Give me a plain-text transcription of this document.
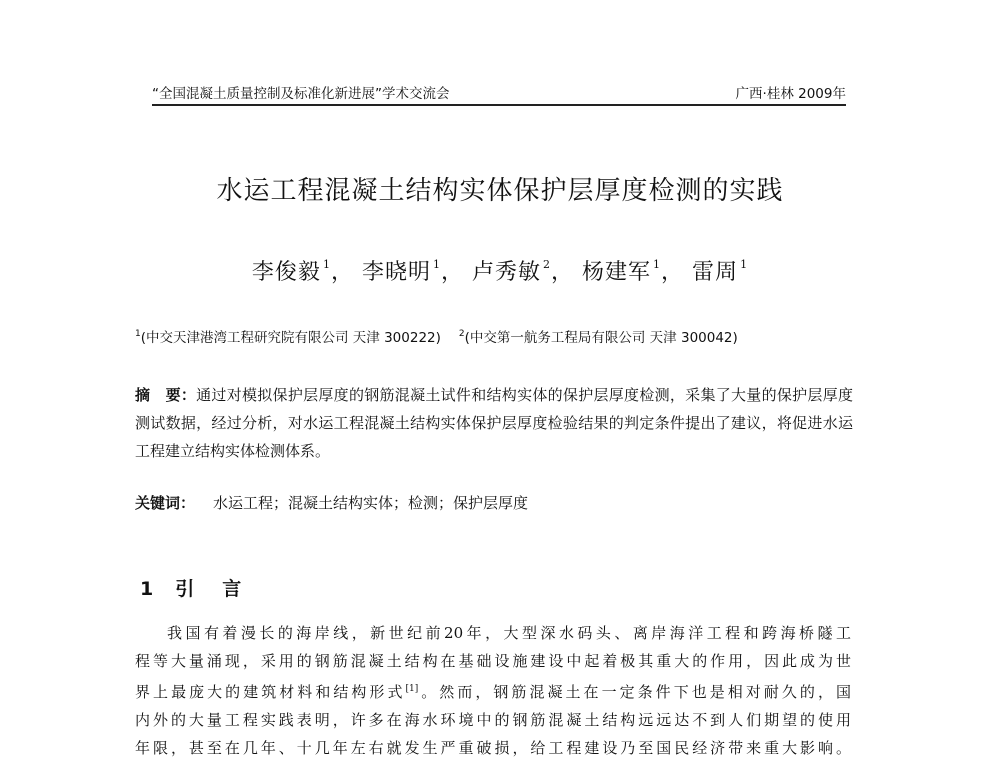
“全国混凝土质量控制及标准化新进展”学术交流会	广西·桂林 2009年
水运工程混凝土结构实体保护层厚度检测的实践
李俊毅 $^1$， 李晓明 $^1$， 卢秀敏 $^2$， 杨建军 $^1$， 雷周 $^1$
$^1$(中交天津港湾工程研究院有限公司 天津 300222) $^2$(中交第一航务工程局有限公司 天津 300042)
摘　要：通过对模拟保护层厚度的钢筋混凝土试件和结构实体的保护层厚度检测，采集了大量的保护层厚度测试数据，经过分析，对水运工程混凝土结构实体保护层厚度检验结果的判定条件提出了建议，将促进水运工程建立结构实体检测体系。
关键词： 水运工程；混凝土结构实体；检测；保护层厚度
1 引言
我国有着漫长的海岸线，新世纪前20年，大型深水码头、离岸海洋工程和跨海桥隧工
程等大量涌现，采用的钢筋混凝土结构在基础设施建设中起着极其重大的作用，因此成为世
界上最庞大的建筑材料和结构形式[1]。然而，钢筋混凝土在一定条件下也是相对耐久的，国
内外的大量工程实践表明，许多在海水环境中的钢筋混凝土结构远远达不到人们期望的使用
年限，甚至在几年、十几年左右就发生严重破损，给工程建设乃至国民经济带来重大影响。
